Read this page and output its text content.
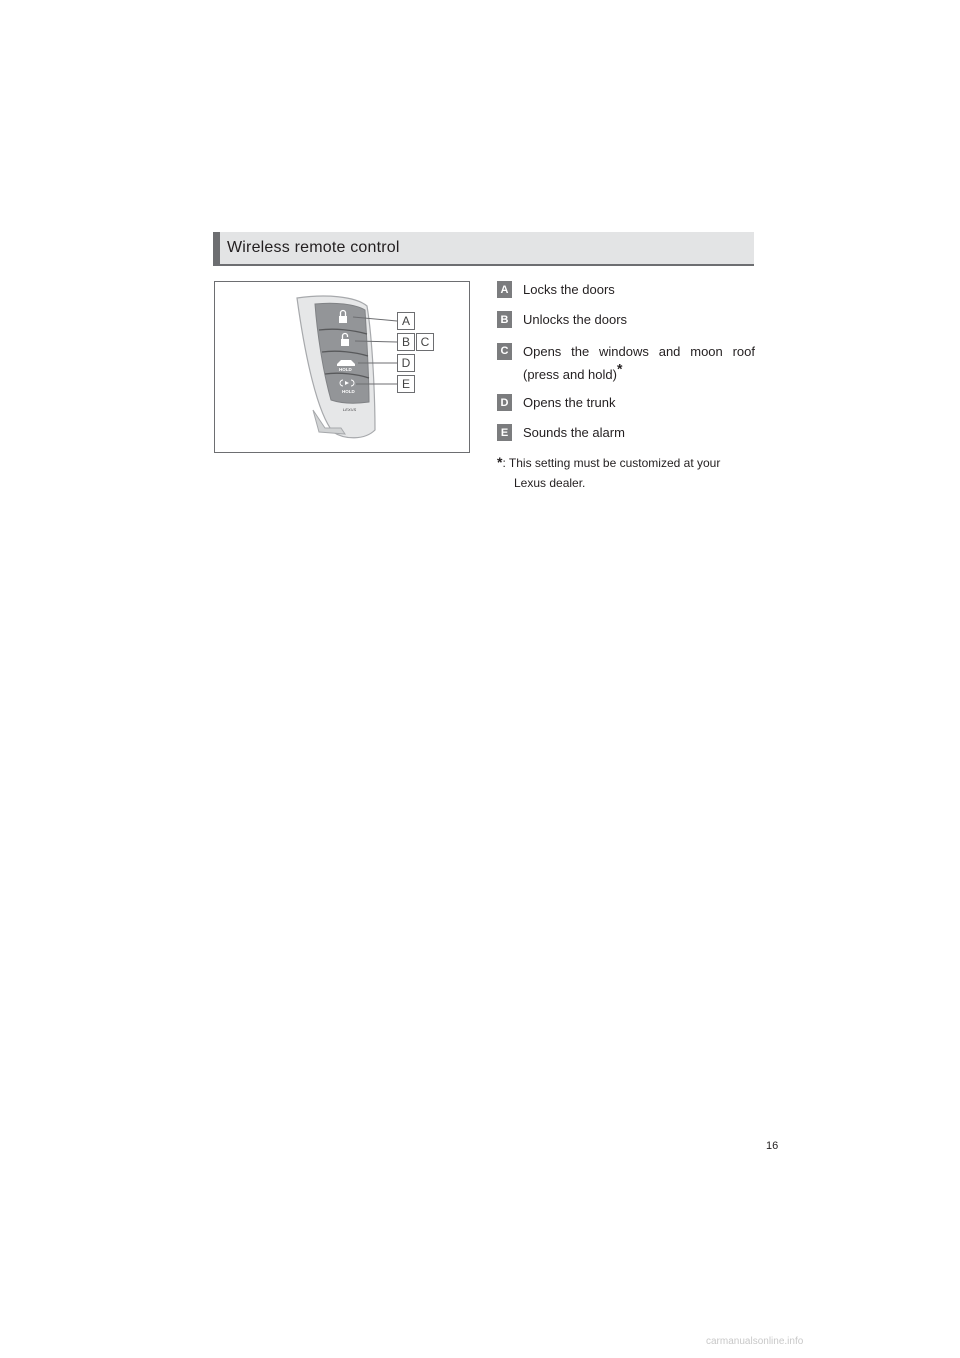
Wireless remote control
HOLD
HOLD
LEXUS
A
B C
D
E
A Locks the doors
B Unlocks the doors
C Opens the windows and moon roof (press and hold)*
D Opens the trunk
E Sounds the alarm
*: This setting must be customized at your
Lexus dealer.
16
carmanualsonline.info
